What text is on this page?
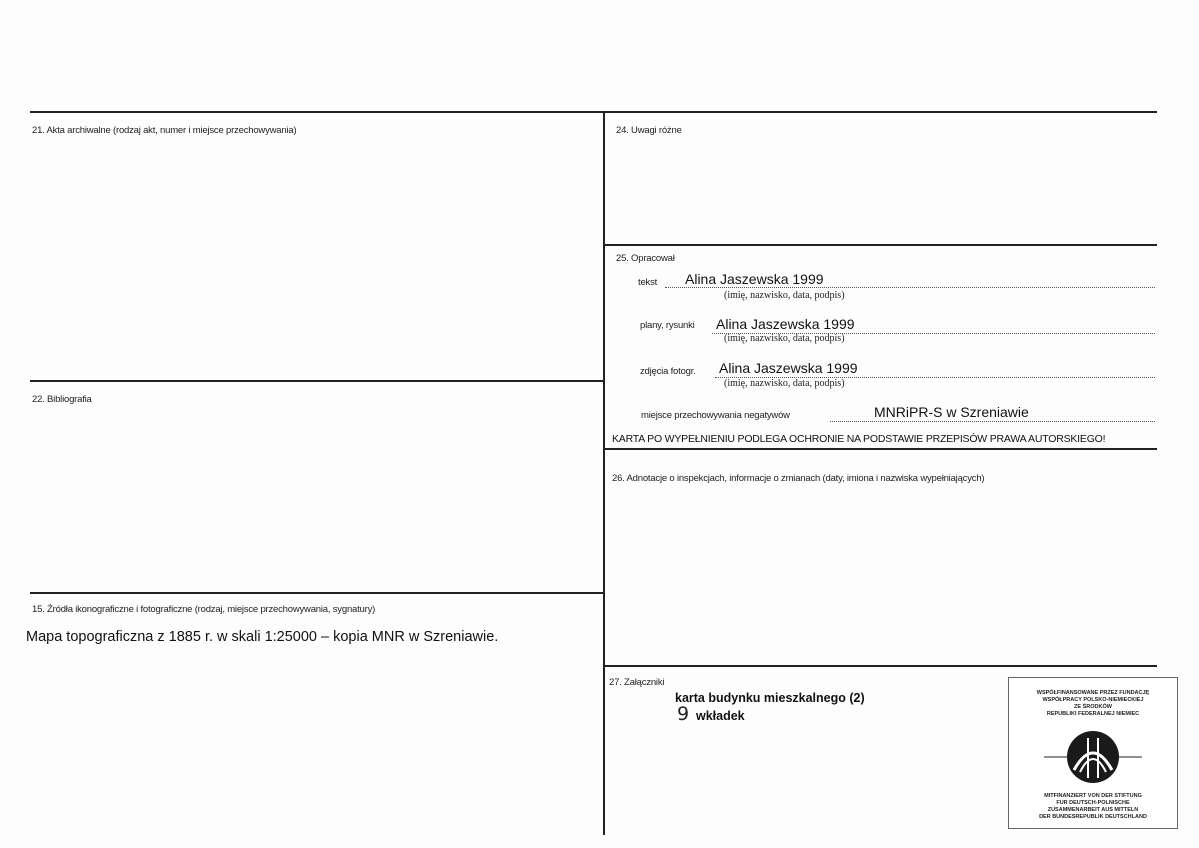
21. Akta archiwalne (rodzaj akt, numer i miejsce przechowywania)
22. Bibliografia
15. Źródła ikonograficzne i fotograficzne (rodzaj, miejsce przechowywania, sygnatury)
Mapa topograficzna z 1885 r. w skali 1:25000 – kopia MNR w Szreniawie.
24. Uwagi różne
25. Opracował
tekst Alina Jaszewska 1999
(imię, nazwisko, data, podpis)
plany, rysunki Alina Jaszewska 1999
(imię, nazwisko, data, podpis)
zdjęcia fotogr. Alina Jaszewska 1999
(imię, nazwisko, data, podpis)
miejsce przechowywania negatywów	MNRiPR-S w Szreniawie
KARTA PO WYPEŁNIENIU PODLEGA OCHRONIE NA PODSTAWIE PRZEPISÓW PRAWA AUTORSKIEGO!
26. Adnotacje o inspekcjach, informacje o zmianach (daty, imiona i nazwiska wypełniających)
27. Załączniki
karta budynku mieszkalnego (2)
9 wkładek
WSPÓŁFINANSOWANE PRZEZ FUNDACJĘ
WSPÓŁPRACY POLSKO-NIEMIECKIEJ
ZE ŚRODKÓW
REPUBLIKI FEDERALNEJ NIEMIEC
MITFINANZIERT VON DER STIFTUNG
FUR DEUTSCH-POLNISCHE
ZUSAMMENARBEIT AUS MITTELN
DER BUNDESREPUBLIK DEUTSCHLAND
